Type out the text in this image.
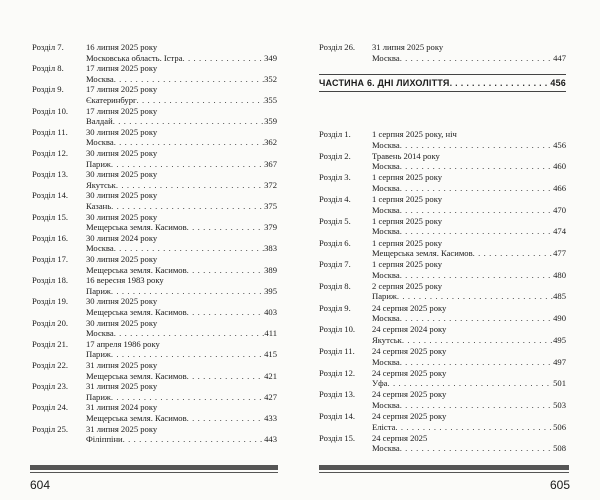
Розділ 7.	16 липня 2025 року
Московська область. Істра . . .	349
Розділ 8.	17 липня 2025 року
Москва . . .	352
Розділ 9.	17 липня 2025 року
Єкатеринбург . . .	355
Розділ 10. 17 липня 2025 року
Валдай . . .	359
Розділ 11. 30 липня 2025 року
Москва . . .	362
Розділ 12. 30 липня 2025 року
Париж . . .	367
Розділ 13. 30 липня 2025 року
Якутськ . . .	372
Розділ 14. 30 липня 2025 року
Казань . . .	375
Розділ 15. 30 липня 2025 року
Мещерська земля. Касимов . . .	379
Розділ 16. 30 липня 2024 року
Москва . . .	383
Розділ 17. 30 липня 2025 року
Мещерська земля. Касимов . . .	389
Розділ 18. 16 вересня 1983 року
Париж . . .	395
Розділ 19. 30 липня 2025 року
Мещерська земля. Касимов . . .	403
Розділ 20. 30 липня 2025 року
Москва . . .	411
Розділ 21. 17 апреля 1986 року
Париж . . .	415
Розділ 22. 31 липня 2025 року
Мещерська земля. Касимов . . .	421
Розділ 23. 31 липня 2025 року
Париж . . .	427
Розділ 24. 31 липня 2024 року
Мещерська земля. Касимов . . .	433
Розділ 25. 31 липня 2025 року
Філіппіни . . .	443
604
Розділ 26. 31 липня 2025 року
Москва . . .	447
ЧАСТИНА 6. ДНІ ЛИХОЛІТТЯ . . .	456
Розділ 1. 1 серпня 2025 року, ніч
Москва . . .	456
Розділ 2. Травень 2014 року
Москва . . .	460
Розділ 3. 1 серпня 2025 року
Москва . . .	466
Розділ 4. 1 серпня 2025 року
Москва . . .	470
Розділ 5. 1 серпня 2025 року
Москва . . .	474
Розділ 6. 1 серпня 2025 року
Мещерська земля. Касимов . . .	477
Розділ 7. 1 серпня 2025 року
Москва . . .	480
Розділ 8. 2 серпня 2025 року
Париж . . .	485
Розділ 9. 24 серпня 2025 року
Москва . . .	490
Розділ 10. 24 серпня 2024 року
Якутськ . . .	495
Розділ 11. 24 серпня 2025 року
Москва . . .	497
Розділ 12. 24 серпня 2025 року
Уфа . . .	501
Розділ 13. 24 серпня 2025 року
Москва . . .	503
Розділ 14. 24 серпня 2025 року
Еліста . . .	506
Розділ 15. 24 серпня 2025
Москва . . .	508
605
